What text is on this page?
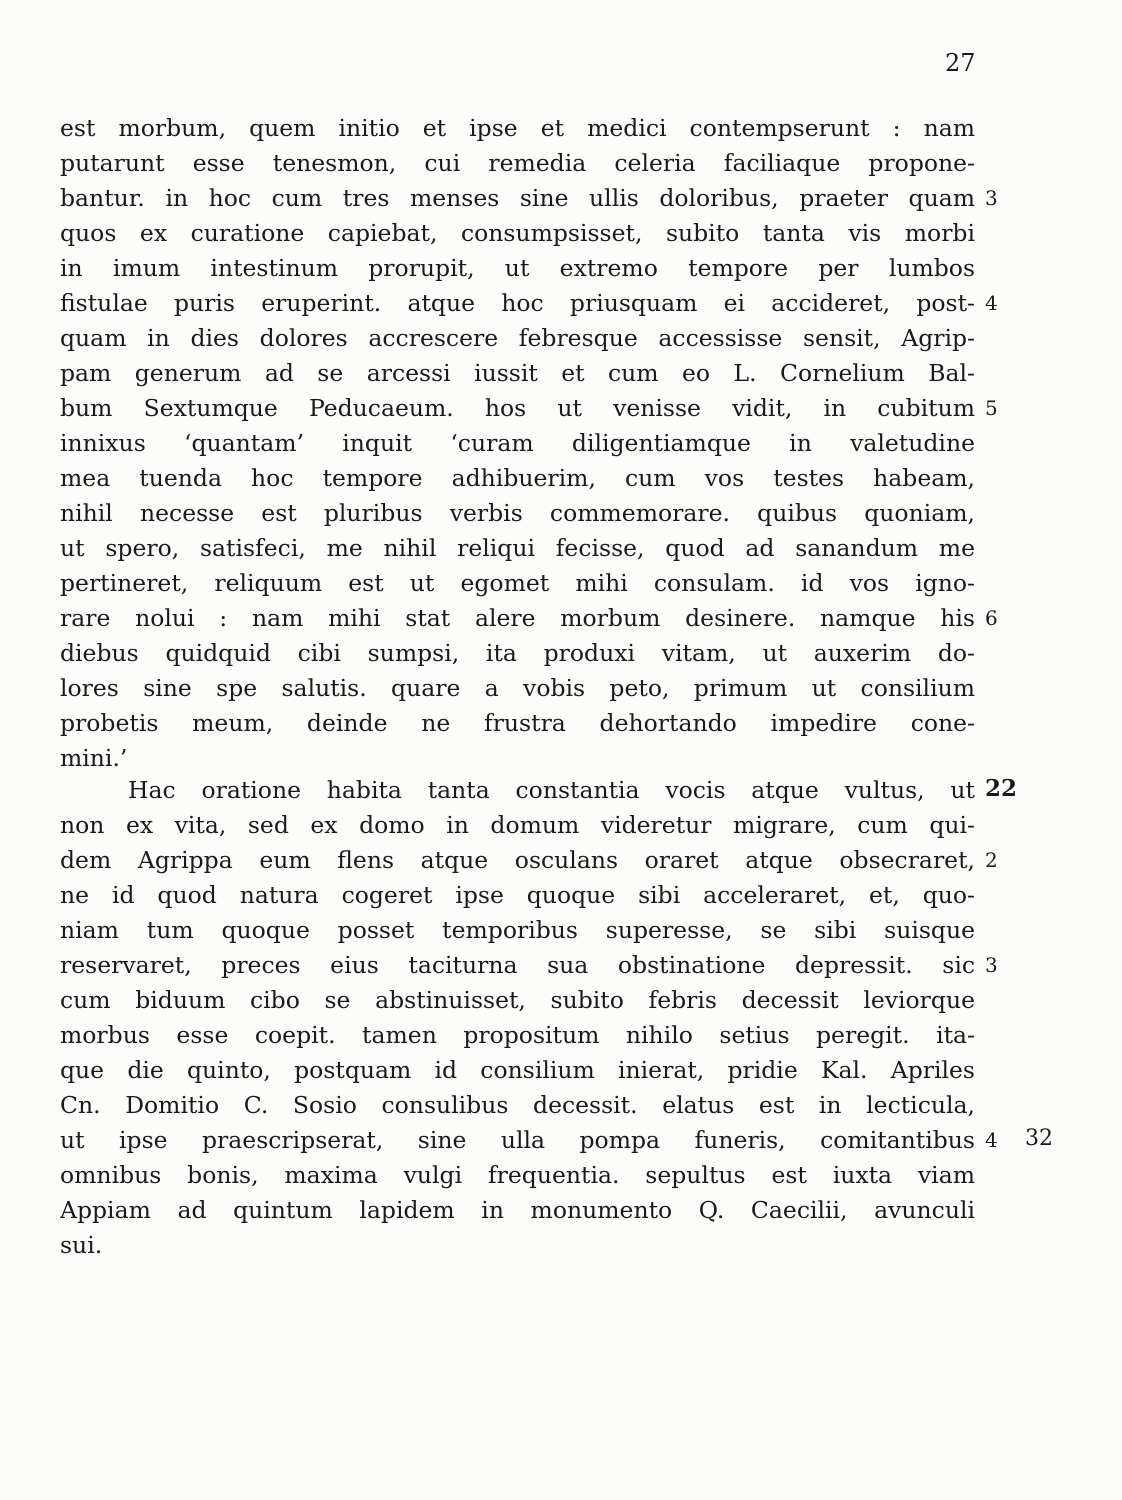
27
est morbum, quem initio et ipse et medici contempserunt : nam
putarunt esse tenesmon, cui remedia celeria faciliaque propone-
bantur. in hoc cum tres menses sine ullis doloribus, praeter quam
quos ex curatione capiebat, consumpsisset, subito tanta vis morbi
in imum intestinum prorupit, ut extremo tempore per lumbos
fistulae puris eruperint. atque hoc priusquam ei accideret, post-
quam in dies dolores accrescere febresque accessisse sensit, Agrip-
pam generum ad se arcessi iussit et cum eo L. Cornelium Bal-
bum Sextumque Peducaeum. hos ut venisse vidit, in cubitum
innixus ‘quantam’ inquit ‘curam diligentiamque in valetudine
mea tuenda hoc tempore adhibuerim, cum vos testes habeam,
nihil necesse est pluribus verbis commemorare. quibus quoniam,
ut spero, satisfeci, me nihil reliqui fecisse, quod ad sanandum me
pertineret, reliquum est ut egomet mihi consulam. id vos igno-
rare nolui : nam mihi stat alere morbum desinere. namque his
diebus quidquid cibi sumpsi, ita produxi vitam, ut auxerim do-
lores sine spe salutis. quare a vobis peto, primum ut consilium
probetis meum, deinde ne frustra dehortando impedire cone-
mini.’
Hac oratione habita tanta constantia vocis atque vultus, ut
non ex vita, sed ex domo in domum videretur migrare, cum qui-
dem Agrippa eum flens atque osculans oraret atque obsecraret,
ne id quod natura cogeret ipse quoque sibi acceleraret, et, quo-
niam tum quoque posset temporibus superesse, se sibi suisque
reservaret, preces eius taciturna sua obstinatione depressit. sic
cum biduum cibo se abstinuisset, subito febris decessit leviorque
morbus esse coepit. tamen propositum nihilo setius peregit. ita-
que die quinto, postquam id consilium inierat, pridie Kal. Apriles
Cn. Domitio C. Sosio consulibus decessit. elatus est in lecticula,
ut ipse praescripserat, sine ulla pompa funeris, comitantibus
omnibus bonis, maxima vulgi frequentia. sepultus est iuxta viam
Appiam ad quintum lapidem in monumento Q. Caecilii, avunculi
sui.
3
4
5
6
22
2
3
4 32
